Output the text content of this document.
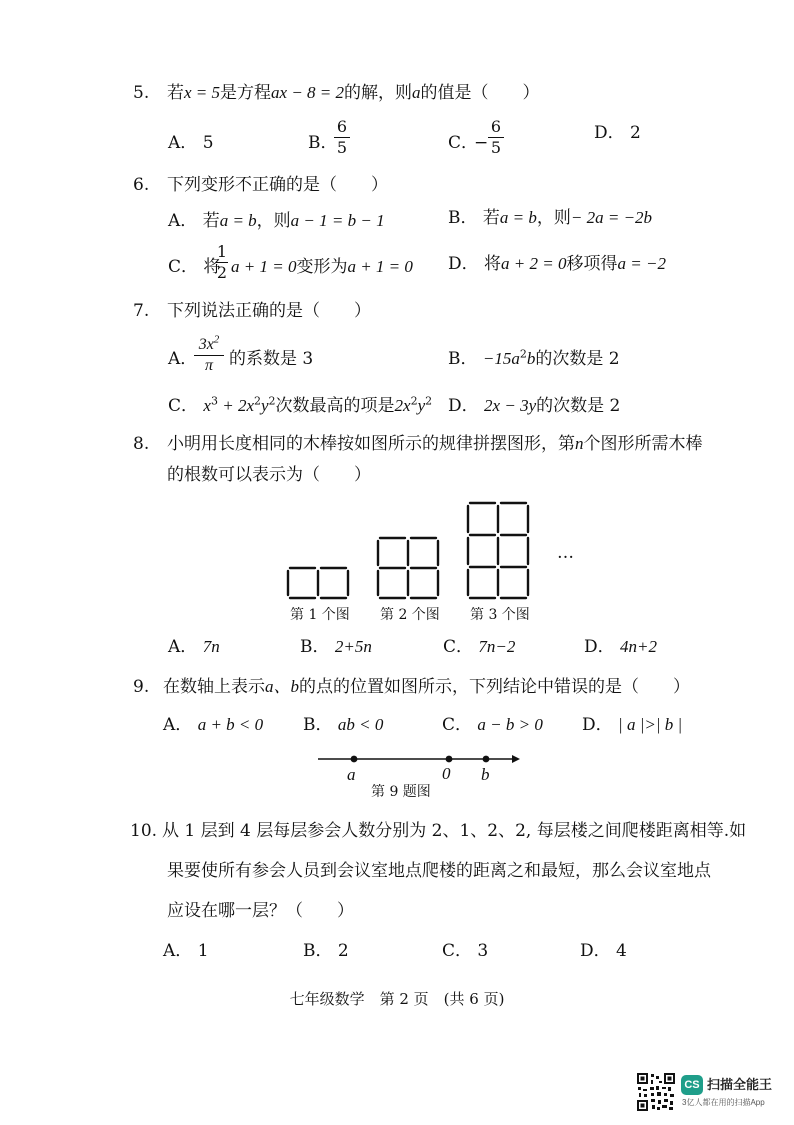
5. 若x = 5是方程ax − 8 = 2的解，则a的值是（　　）
A． 5	B．
6
5	C．
−
6
5
D． 2
6. 下列变形不正确的是（　　）
A． 若a = b，则a − 1 = b − 1	B． 若a = b，则− 2a = −2b
C． 将
1
2 a + 1 = 0变形为a + 1 = 0 D． 将a + 2 = 0移项得a = −2
7. 下列说法正确的是（　　）
A．
$3x^2$
π 的系数是 3	B． $-15a^2b$的次数是 2
C． $x^3 + 2x^2y^2$次数最高的项是$2x^2y^2$ D． 2x − 3y的次数是 2
8. 小明用长度相同的木棒按如图所示的规律拼摆图形，第n个图形所需木棒
的根数可以表示为（　　）
第 1 个图 第 2 个图 第 3 个图
…
A． 7n	B． 2+5n	C． 7n−2	D． 4n+2
9. 在数轴上表示a、b的点的位置如图所示，下列结论中错误的是（　　）
A． a + b < 0 B． ab < 0	C． a − b > 0 D． | a |>| b |
a	0 b
第 9 题图
10. 从 1 层到 4 层每层参会人数分别为 2、1、2、2, 每层楼之间爬楼距离相等.如
果要使所有参会人员到会议室地点爬楼的距离之和最短，那么会议室地点
应设在哪一层？（　　）
A． 1	B． 2	C． 3	D． 4
七年级数学　第 2 页　(共 6 页)
CS 扫描全能王
3亿人都在用的扫描App
